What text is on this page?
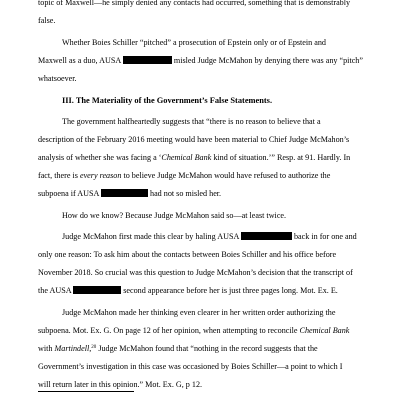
topic of Maxwell—he simply denied any contacts had occurred, something that is demonstrably
false.
Whether Boies Schiller “pitched” a prosecution of Epstein only or of Epstein and
Maxwell as a duo, AUSA	misled Judge McMahon by denying there was any “pitch”
whatsoever.
III. The Materiality of the Government’s False Statements.
The government halfheartedly suggests that “there is no reason to believe that a
description of the February 2016 meeting would have been material to Chief Judge McMahon’s
analysis of whether she was facing a ‘Chemical Bank kind of situation.’” Resp. at 91. Hardly. In
fact, there is every reason to believe Judge McMahon would have refused to authorize the
subpoena if AUSA	had not so misled her.
How do we know? Because Judge McMahon said so—at least twice.
Judge McMahon first made this clear by haling AUSA	back in for one and
only one reason: To ask him about the contacts between Boies Schiller and his office before
November 2018. So crucial was this question to Judge McMahon’s decision that the transcript of
the AUSA	second appearance before her is just three pages long. Mot. Ex. E.
Judge McMahon made her thinking even clearer in her written order authorizing the
subpoena. Mot. Ex. G. On page 12 of her opinion, when attempting to reconcile Chemical Bank
with Martindell,$^{20}$ Judge McMahon found that “nothing in the record suggests that the
Government’s investigation in this case was occasioned by Boies Schiller—a point to which I
will return later in this opinion.” Mot. Ex. G, p 12.
